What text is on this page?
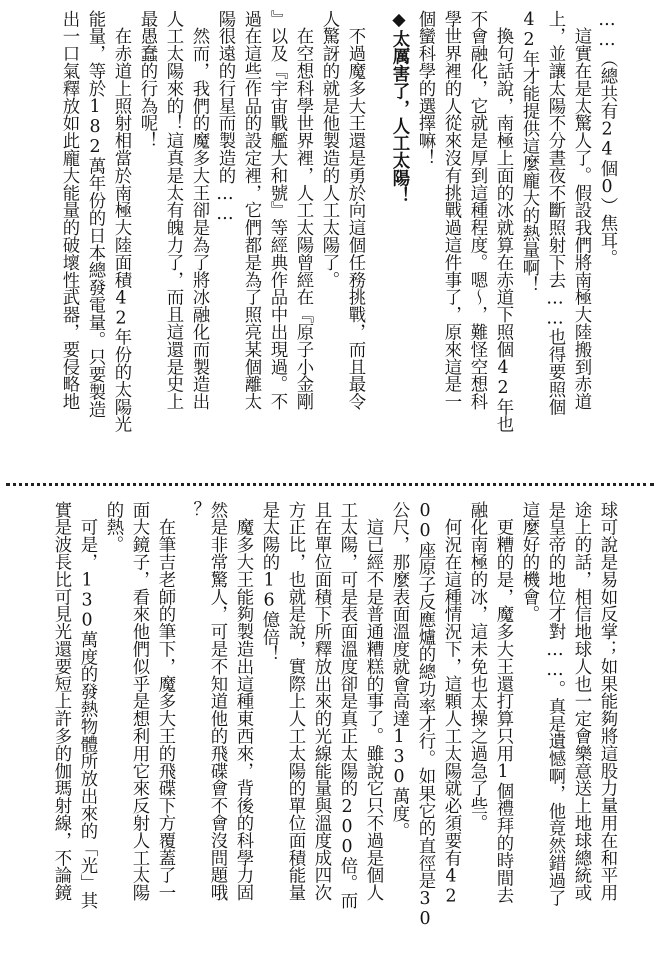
……（總共有24個0）焦耳。
　這實在是太驚人了。假設我們將南極大陸搬到赤道
上，並讓太陽不分晝夜不斷照射下去……也得要照個
42年才能提供這麼龐大的熱量啊！
　換句話說，南極上面的冰就算在赤道下照個42年也
不會融化，它就是厚到這種程度。嗯～，難怪空想科
學世界裡的人從來沒有挑戰過這件事了，原來這是一
個蠻科學的選擇嘛！
◆太厲害了，人工太陽！
　不過魔多大王還是勇於向這個任務挑戰，而且最令
人驚訝的就是他製造的人工太陽了。
　在空想科學世界裡，人工太陽曾經在『原子小金剛
』以及『宇宙戰艦大和號』等經典作品中出現過。不
過在這些作品的設定裡，它們都是為了照亮某個離太
陽很遠的行星而製造的……
　然而，我們的魔多大王卻是為了將冰融化而製造出
人工太陽來的！這真是太有魄力了，而且這還是史上
最愚蠢的行為呢！
　在赤道上照射相當於南極大陸面積42年份的太陽光
能量，等於182萬年份的日本總發電量。只要製造
出一口氣釋放如此龐大能量的破壞性武器，要侵略地
球可說是易如反掌；如果能夠將這股力量用在和平用
途上的話，相信地球人也一定會樂意送上地球總統或
是皇帝的地位才對……。真是遺憾啊，他竟然錯過了
這麼好的機會。
　更糟的是，魔多大王還打算只用1個禮拜的時間去
融化南極的冰，這未免也太操之過急了些。
　何況在這種情況下，這顆人工太陽就必須要有42
00座原子反應爐的總功率才行。如果它的直徑是30
公尺，那麼表面溫度就會高達130萬度。
　這已經不是普通糟糕的事了。雖說它只不過是個人
工太陽，可是表面溫度卻是真正太陽的200倍。而
且在單位面積下所釋放出來的光線能量與溫度成四次
方正比，也就是說，實際上人工太陽的單位面積能量
是太陽的16億倍！
　魔多大王能夠製造出這種東西來，背後的科學力固
然是非常驚人，可是不知道他的飛碟會不會沒問題哦
？
　在筆吉老師的筆下，魔多大王的飛碟下方覆蓋了一
面大鏡子，看來他們似乎是想利用它來反射人工太陽
的熱。
　可是，130萬度的發熱物體所放出來的「光」其
實是波長比可見光還要短上許多的伽瑪射線，不論鏡
